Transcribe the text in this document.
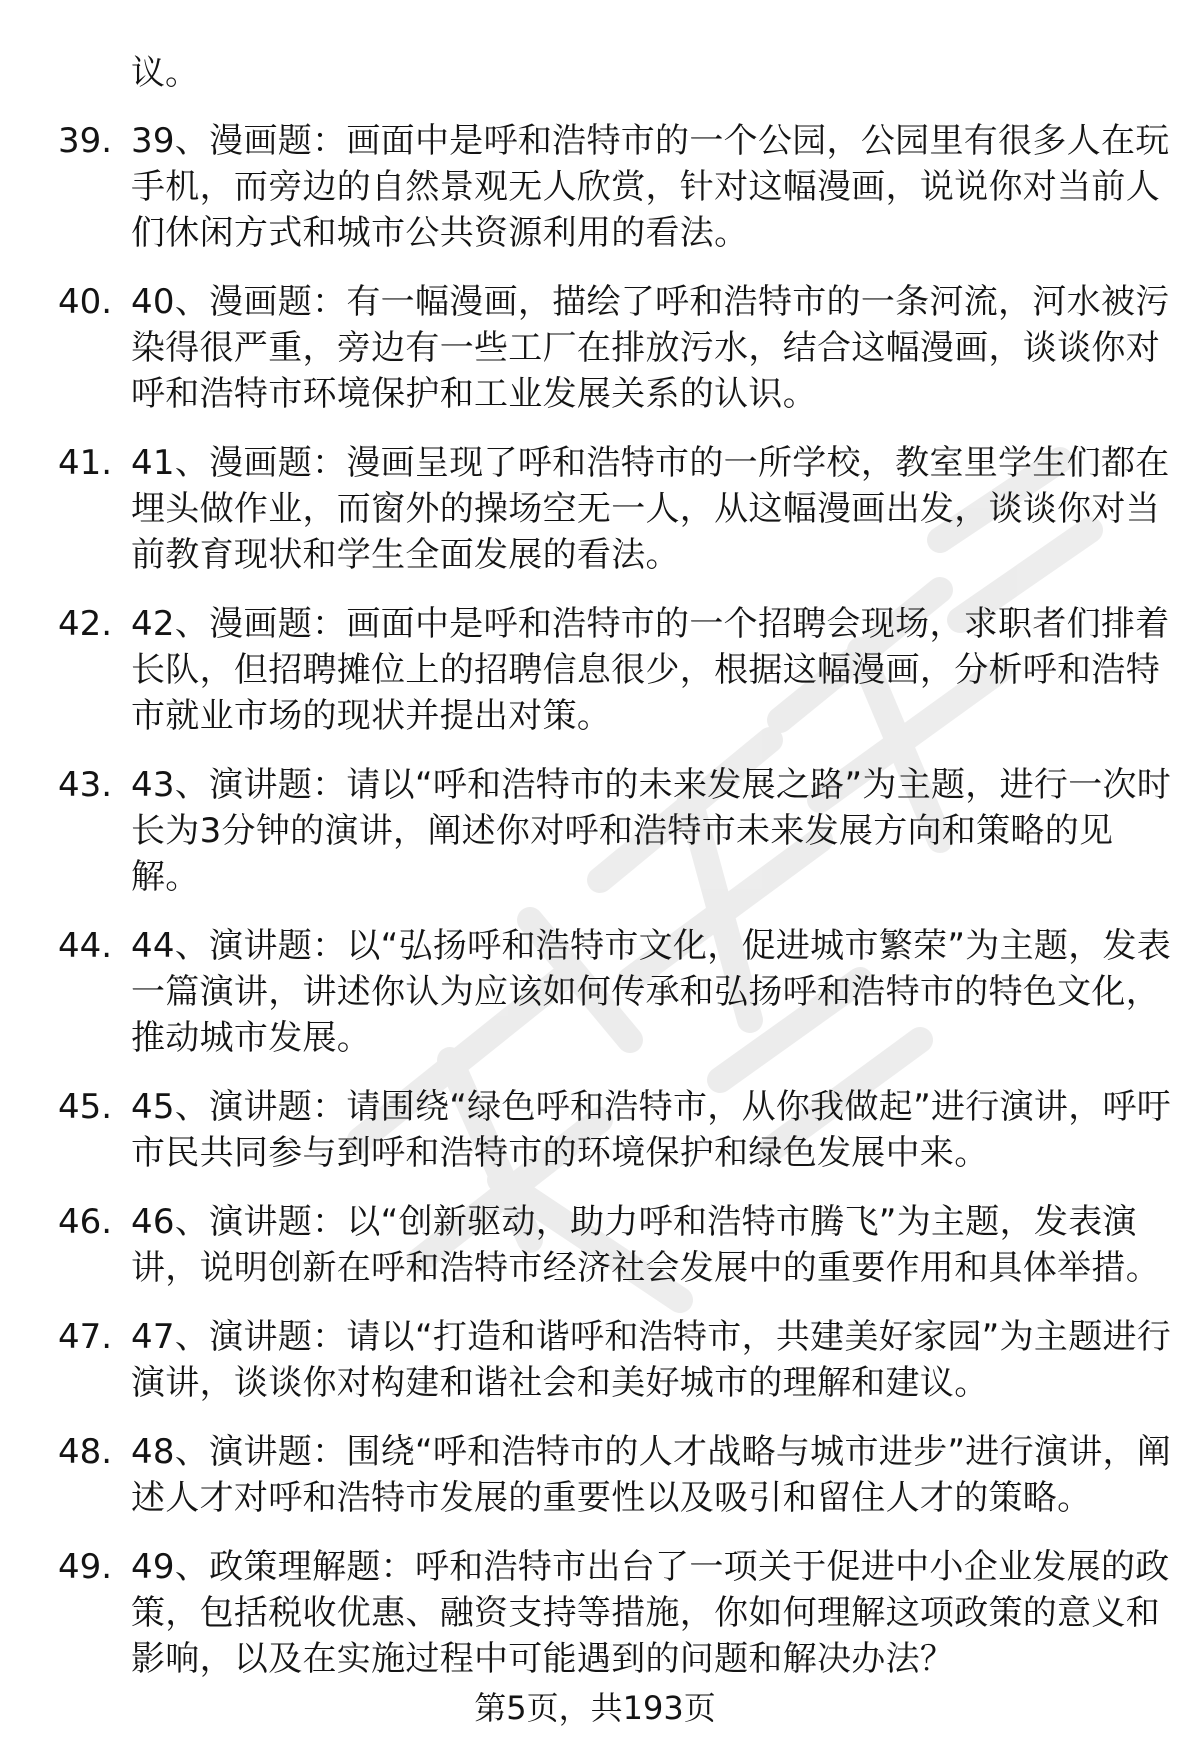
议。

39. 39、漫画题：画面中是呼和浩特市的一个公园，公园里有很多人在玩手机，而旁边的自然景观无人欣赏，针对这幅漫画，说说你对当前人们休闲方式和城市公共资源利用的看法。
40. 40、漫画题：有一幅漫画，描绘了呼和浩特市的一条河流，河水被污染得很严重，旁边有一些工厂在排放污水，结合这幅漫画，谈谈你对呼和浩特市环境保护和工业发展关系的认识。
41. 41、漫画题：漫画呈现了呼和浩特市的一所学校，教室里学生们都在埋头做作业，而窗外的操场空无一人，从这幅漫画出发，谈谈你对当前教育现状和学生全面发展的看法。
42. 42、漫画题：画面中是呼和浩特市的一个招聘会现场，求职者们排着长队，但招聘摊位上的招聘信息很少，根据这幅漫画，分析呼和浩特市就业市场的现状并提出对策。
43. 43、演讲题：请以“呼和浩特市的未来发展之路”为主题，进行一次时长为3分钟的演讲，阐述你对呼和浩特市未来发展方向和策略的见解。
44. 44、演讲题：以“弘扬呼和浩特市文化，促进城市繁荣”为主题，发表一篇演讲，讲述你认为应该如何传承和弘扬呼和浩特市的特色文化，推动城市发展。
45. 45、演讲题：请围绕“绿色呼和浩特市，从你我做起”进行演讲，呼吁市民共同参与到呼和浩特市的环境保护和绿色发展中来。
46. 46、演讲题：以“创新驱动，助力呼和浩特市腾飞”为主题，发表演讲，说明创新在呼和浩特市经济社会发展中的重要作用和具体举措。
47. 47、演讲题：请以“打造和谐呼和浩特市，共建美好家园”为主题进行演讲，谈谈你对构建和谐社会和美好城市的理解和建议。
48. 48、演讲题：围绕“呼和浩特市的人才战略与城市进步”进行演讲，阐述人才对呼和浩特市发展的重要性以及吸引和留住人才的策略。
49. 49、政策理解题：呼和浩特市出台了一项关于促进中小企业发展的政策，包括税收优惠、融资支持等措施，你如何理解这项政策的意义和影响，以及在实施过程中可能遇到的问题和解决办法？
第5页，共193页
